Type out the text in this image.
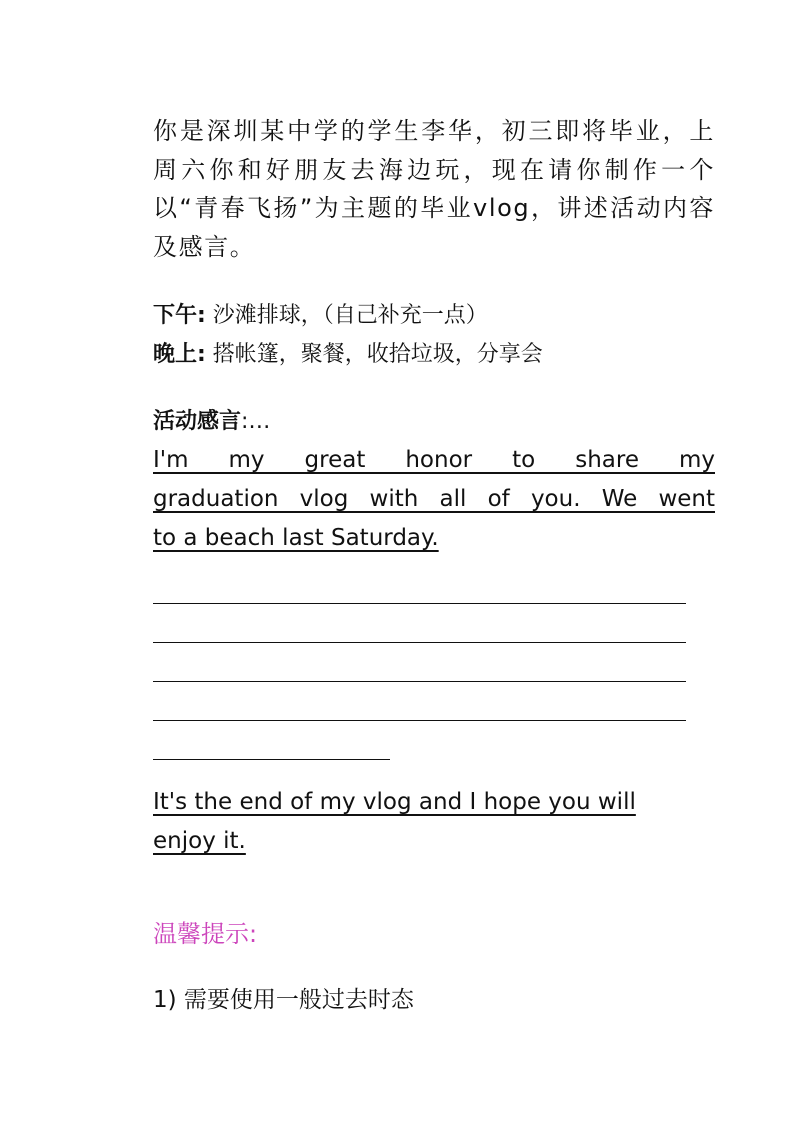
你是深圳某中学的学生李华，初三即将毕业，上周六你和好朋友去海边玩，现在请你制作一个以“青春飞扬”为主题的毕业vlog，讲述活动内容及感言。
下午: 沙滩排球，（自己补充一点）
晚上: 搭帐篷，聚餐，收拾垃圾，分享会
活动感言:…
I'm my great honor to share my
graduation vlog with all of you. We went
to a beach last Saturday.
It's the end of my vlog and I hope you will enjoy it.
温馨提示:
1) 需要使用一般过去时态
